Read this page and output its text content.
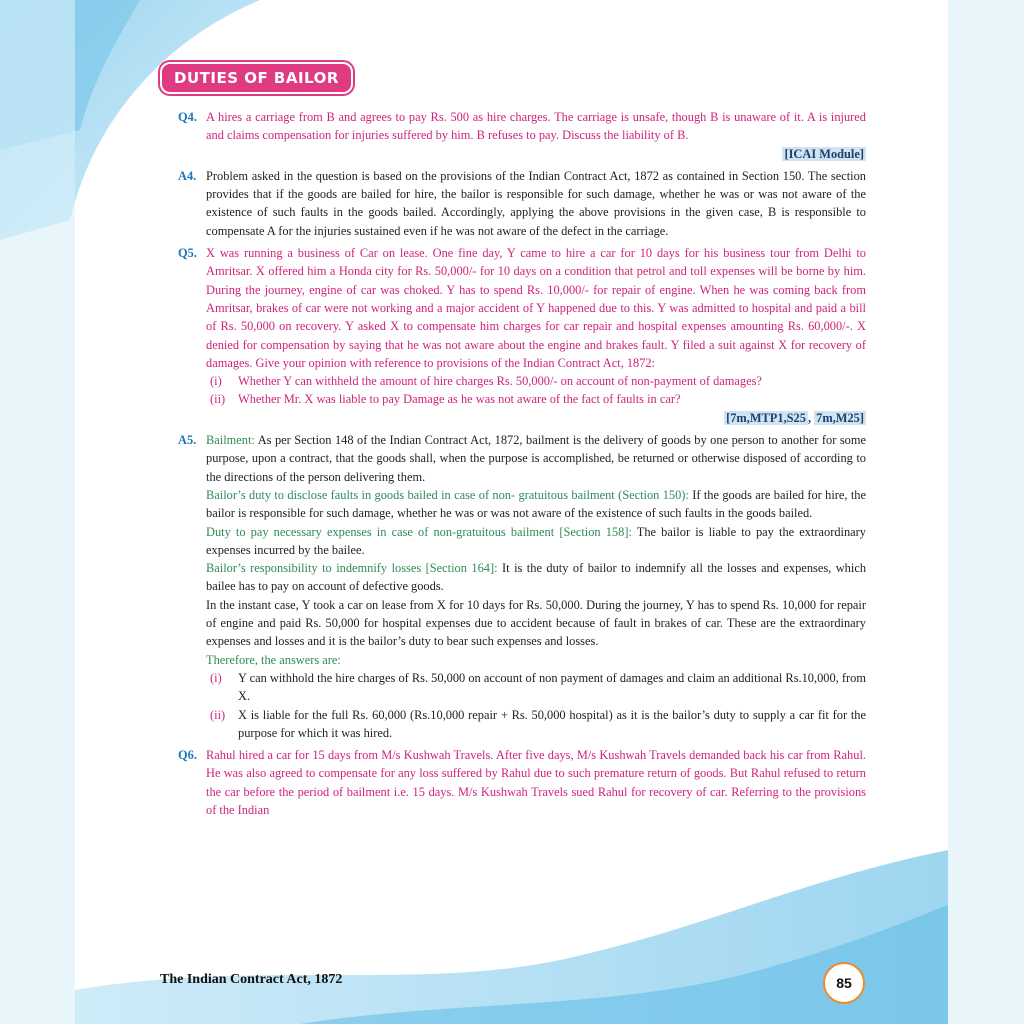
DUTIES OF BAILOR
Q4. A hires a carriage from B and agrees to pay Rs. 500 as hire charges. The carriage is unsafe, though B is unaware of it. A is injured and claims compensation for injuries suffered by him. B refuses to pay. Discuss the liability of B.

[ICAI Module]
A4. Problem asked in the question is based on the provisions of the Indian Contract Act, 1872 as contained in Section 150. The section provides that if the goods are bailed for hire, the bailor is responsible for such damage, whether he was or was not aware of the existence of such faults in the goods bailed. Accordingly, applying the above provisions in the given case, B is responsible to compensate A for the injuries sustained even if he was not aware of the defect in the carriage.

Q5. X was running a business of Car on lease. One fine day, Y came to hire a car for 10 days for his business tour from Delhi to Amritsar. X offered him a Honda city for Rs. 50,000/- for 10 days on a condition that petrol and toll expenses will be borne by him. During the journey, engine of car was choked. Y has to spend Rs. 10,000/- for repair of engine. When he was coming back from Amritsar, brakes of car were not working and a major accident of Y happened due to this. Y was admitted to hospital and paid a bill of Rs. 50,000 on recovery. Y asked X to compensate him charges for car repair and hospital expenses amounting Rs. 60,000/-. X denied for compensation by saying that he was not aware about the engine and brakes fault. Y filed a suit against X for recovery of damages. Give your opinion with reference to provisions of the Indian Contract Act, 1872:

(i) Whether Y can withheld the amount of hire charges Rs. 50,000/- on account of non-payment of damages?
(ii) Whether Mr. X was liable to pay Damage as he was not aware of the fact of faults in car?
[7m,MTP1,S25 , 7m,M25]
A5. Bailment: As per Section 148 of the Indian Contract Act, 1872, bailment is the delivery of goods by one person to another for some purpose, upon a contract, that the goods shall, when the purpose is accomplished, be returned or otherwise disposed of according to the directions of the person delivering them.

Bailor’s duty to disclose faults in goods bailed in case of non- gratuitous bailment (Section 150): If the goods are bailed for hire, the bailor is responsible for such damage, whether he was or was not aware of the existence of such faults in the goods bailed.

Duty to pay necessary expenses in case of non-gratuitous bailment [Section 158]: The bailor is liable to pay the extraordinary expenses incurred by the bailee.

Bailor’s responsibility to indemnify losses [Section 164]: It is the duty of bailor to indemnify all the losses and expenses, which bailee has to pay on account of defective goods.

In the instant case, Y took a car on lease from X for 10 days for Rs. 50,000. During the journey, Y has to spend Rs. 10,000 for repair of engine and paid Rs. 50,000 for hospital expenses due to accident because of fault in brakes of car. These are the extraordinary expenses and losses and it is the bailor’s duty to bear such expenses and losses.

Therefore, the answers are:

(i) Y can withhold the hire charges of Rs. 50,000 on account of non payment of damages and claim an additional Rs.10,000, from X.
(ii) X is liable for the full Rs. 60,000 (Rs.10,000 repair + Rs. 50,000 hospital) as it is the bailor’s duty to supply a car fit for the purpose for which it was hired.
Q6. Rahul hired a car for 15 days from M/s Kushwah Travels. After five days, M/s Kushwah Travels demanded back his car from Rahul. He was also agreed to compensate for any loss suffered by Rahul due to such premature return of goods. But Rahul refused to return the car before the period of bailment i.e. 15 days. M/s Kushwah Travels sued Rahul for recovery of car. Referring to the provisions of the Indian

The Indian Contract Act, 1872	85
